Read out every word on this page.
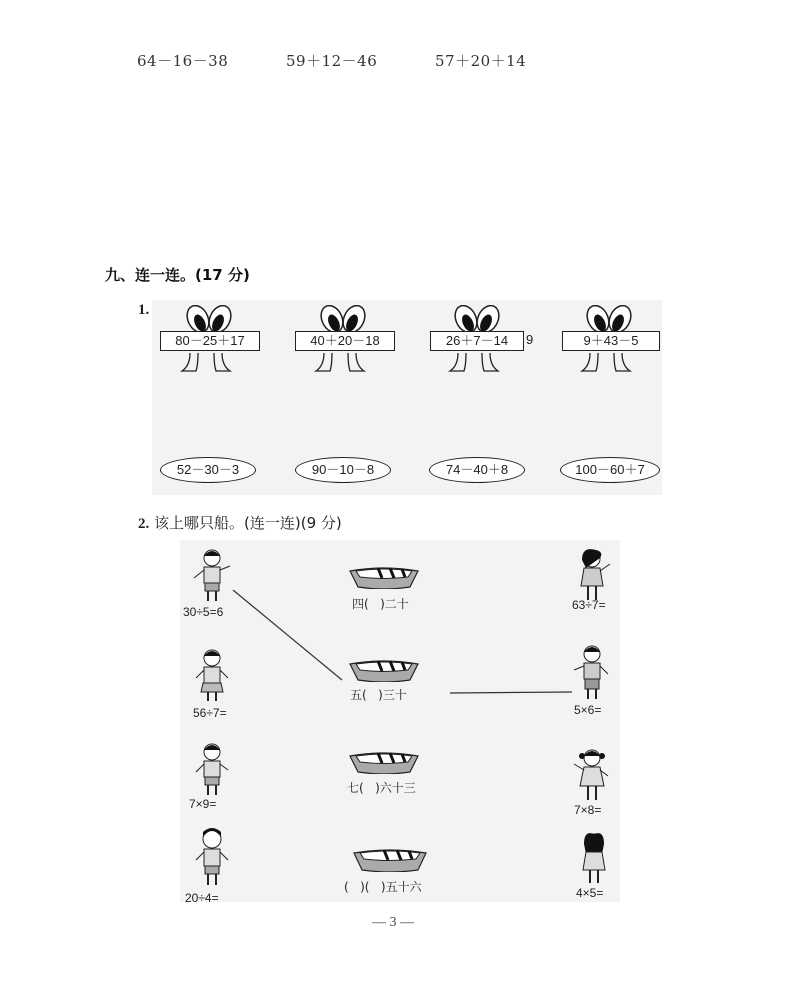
64－16－38	59＋12－46	57＋20＋14
九、连一连。(17 分)
1.
80－25＋17	40＋20－18	26＋7－14	9	9＋43－5
52－30－3	90－10－8	74－40＋8	100－60＋7
2. 该上哪只船。(连一连)(9 分)
30÷5=6
56÷7=
7×9=
20÷4=
四(   )二十
五(   )三十
七(   )六十三
(   )(   )五十六
63÷7=
5×6=
7×8=
4×5=
— 3 —
